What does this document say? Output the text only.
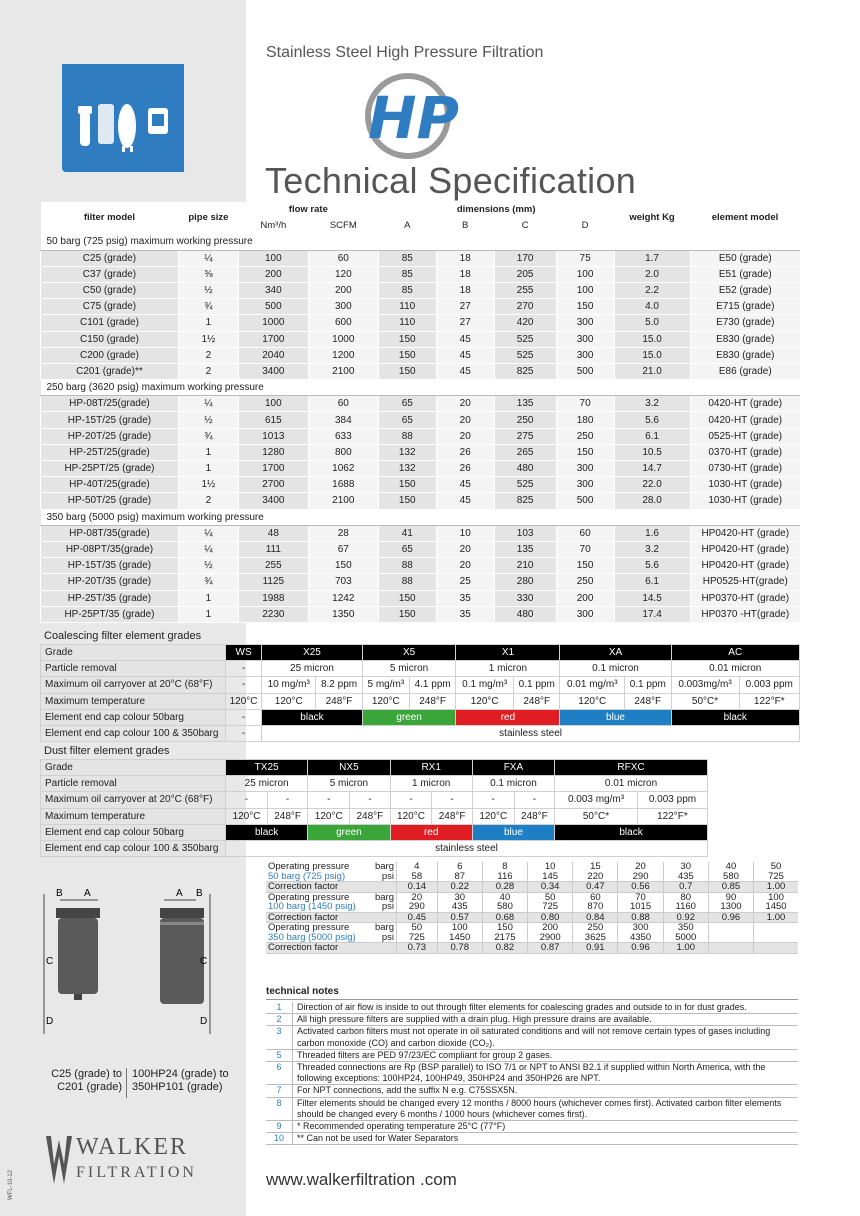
WFL-10-12
Stainless Steel High Pressure Filtration
HP
Technical Specification
filter model	pipe size	flow rate		dimensions (mm)				weight Kg	element model
		Nm³/h	SCFM	A	B	C	D		
50 barg (725 psig) maximum working pressure									
C25 (grade)	¼	100	60	85	18	170	75	1.7	E50 (grade)
C37 (grade)	⅜	200	120	85	18	205	100	2.0	E51 (grade)
C50 (grade)	½	340	200	85	18	255	100	2.2	E52 (grade)
C75 (grade)	¾	500	300	110	27	270	150	4.0	E715 (grade)
C101 (grade)	1	1000	600	110	27	420	300	5.0	E730 (grade)
C150 (grade)	1½	1700	1000	150	45	525	300	15.0	E830 (grade)
C200 (grade)	2	2040	1200	150	45	525	300	15.0	E830 (grade)
C201 (grade)**	2	3400	2100	150	45	825	500	21.0	E86 (grade)
250 barg (3620 psig) maximum working pressure									
HP-08T/25(grade)	¼	100	60	65	20	135	70	3.2	0420-HT (grade)
HP-15T/25 (grade)	½	615	384	65	20	250	180	5.6	0420-HT (grade)
HP-20T/25 (grade)	¾	1013	633	88	20	275	250	6.1	0525-HT (grade)
HP-25T/25(grade)	1	1280	800	132	26	265	150	10.5	0370-HT (grade)
HP-25PT/25 (grade)	1	1700	1062	132	26	480	300	14.7	0730-HT (grade)
HP-40T/25(grade)	1½	2700	1688	150	45	525	300	22.0	1030-HT (grade)
HP-50T/25 (grade)	2	3400	2100	150	45	825	500	28.0	1030-HT (grade)
350 barg (5000 psig) maximum working pressure									
HP-08T/35(grade)	¼	48	28	41	10	103	60	1.6	HP0420-HT (grade)
HP-08PT/35(grade)	¼	111	67	65	20	135	70	3.2	HP0420-HT (grade)
HP-15T/35 (grade)	½	255	150	88	20	210	150	5.6	HP0420-HT (grade)
HP-20T/35 (grade)	¾	1125	703	88	25	280	250	6.1	HP0525-HT(grade)
HP-25T/35 (grade)	1	1988	1242	150	35	330	200	14.5	HP0370-HT (grade)
HP-25PT/35 (grade)	1	2230	1350	150	35	480	300	17.4	HP0370 -HT(grade)
Coalescing filter element grades
Grade	WS	X25		X5		X1		XA		AC	
Particle removal	-	25 micron		5 micron		1 micron		0.1 micron		0.01 micron	
Maximum oil carryover at 20°C (68°F)	-	10 mg/m³	8.2 ppm	5 mg/m³	4.1 ppm	0.1 mg/m³	0.1 ppm	0.01 mg/m³	0.1 ppm	0.003mg/m³	0.003 ppm
Maximum temperature	120°C	120°C	248°F	120°C	248°F	120°C	248°F	120°C	248°F	50°C*	122°F*
Element end cap colour 50barg	-	black		green		red		blue		black	
Element end cap colour 100 & 350barg	-	stainless steel									
Dust filter element grades
Grade	TX25		NX5		RX1		FXA		RFXC	
Particle removal	25 micron		5 micron		1 micron		0.1 micron		0.01 micron	
Maximum oil carryover at 20°C (68°F)	-	-	-	-	-	-	-	-	0.003 mg/m³	0.003 ppm
Maximum temperature	120°C	248°F	120°C	248°F	120°C	248°F	120°C	248°F	50°C*	122°F*
Element end cap colour 50barg	black		green		red		blue		black	
Element end cap colour 100 & 350barg	stainless steel									
Operating pressure	barg	4	6	8	10	15	20	30	40	50
50 barg (725 psig)	psi	58	87	116	145	220	290	435	580	725
Correction factor		0.14	0.22	0.28	0.34	0.47	0.56	0.7	0.85	1.00
Operating pressure	barg	20	30	40	50	60	70	80	90	100
100 barg (1450 psig)	psi	290	435	580	725	870	1015	1160	1300	1450
Correction factor		0.45	0.57	0.68	0.80	0.84	0.88	0.92	0.96	1.00
Operating pressure	barg	50	100	150	200	250	300	350		
350 barg (5000 psig)	psi	725	1450	2175	2900	3625	4350	5000		
Correction factor		0.73	0.78	0.82	0.87	0.91	0.96	1.00		
A
B
C
D
A B
C
D
C25 (grade) to C201 (grade)
100HP24 (grade) to 350HP101 (grade)
WALKER
FILTRATION
technical notes
1	Direction of air flow is inside to out through filter elements for coalescing grades and outside to in for dust grades.
2	All high pressure filters are supplied with a drain plug. High pressure drains are available.
3	Activated carbon filters must not operate in oil saturated conditions and will not remove certain types of gases including carbon monoxide (CO) and carbon dioxide (CO₂).
5	Threaded filters are PED 97/23/EC compliant for group 2 gases.
6	Threaded connections are Rp (BSP parallel) to ISO 7/1 or NPT to ANSI B2.1 if supplied within North America, with the following exceptions: 100HP24, 100HP49, 350HP24 and 350HP26 are NPT.
7	For NPT connections, add the suffix N e.g. C75SSX5N.
8	Filter elements should be changed every 12 months / 8000 hours (whichever comes first). Activated carbon filter elements should be changed every 6 months / 1000 hours (whichever comes first).
9	* Recommended operating temperature 25°C (77°F)
10	** Can not be used for Water Separators
www.walkerfiltration .com
